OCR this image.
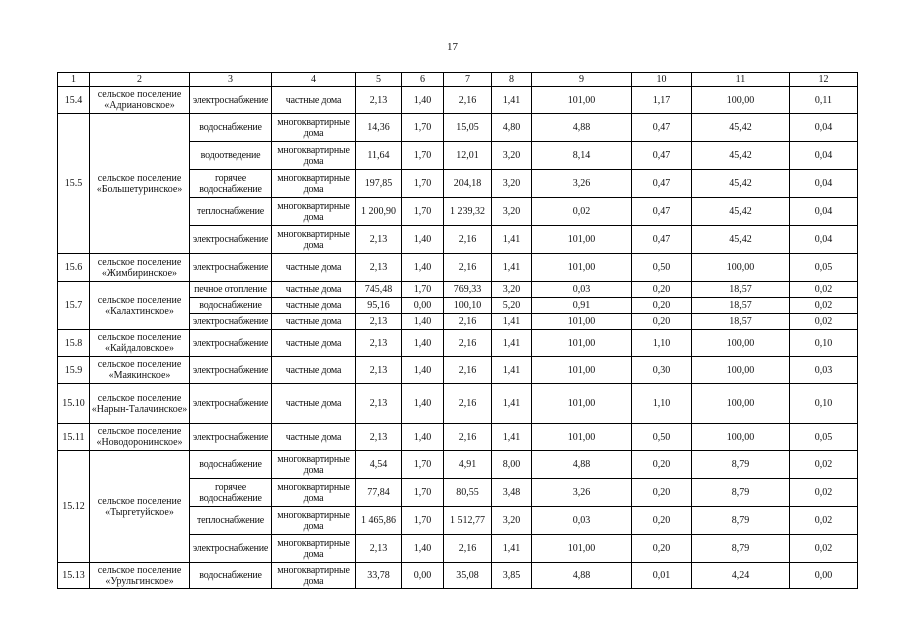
17
1	2	3	4	5	6	7	8	9	10	11	12
15.4	сельское поселение «Адриановское»	электроснабжение	частные дома	2,13	1,40	2,16	1,41	101,00	1,17	100,00	0,11
15.5	сельское поселение «Большетуринское»	водоснабжение	многоквартирные дома	14,36	1,70	15,05	4,80	4,88	0,47	45,42	0,04
		водоотведение	многоквартирные дома	11,64	1,70	12,01	3,20	8,14	0,47	45,42	0,04
		горячее водоснабжение	многоквартирные дома	197,85	1,70	204,18	3,20	3,26	0,47	45,42	0,04
		теплоснабжение	многоквартирные дома	1 200,90	1,70	1 239,32	3,20	0,02	0,47	45,42	0,04
		электроснабжение	многоквартирные дома	2,13	1,40	2,16	1,41	101,00	0,47	45,42	0,04
15.6	сельское поселение «Жимбиринское»	электроснабжение	частные дома	2,13	1,40	2,16	1,41	101,00	0,50	100,00	0,05
15.7	сельское поселение «Калахтинское»	печное отопление	частные дома	745,48	1,70	769,33	3,20	0,03	0,20	18,57	0,02
		водоснабжение	частные дома	95,16	0,00	100,10	5,20	0,91	0,20	18,57	0,02
		электроснабжение	частные дома	2,13	1,40	2,16	1,41	101,00	0,20	18,57	0,02
15.8	сельское поселение «Кайдаловское»	электроснабжение	частные дома	2,13	1,40	2,16	1,41	101,00	1,10	100,00	0,10
15.9	сельское поселение «Маякинское»	электроснабжение	частные дома	2,13	1,40	2,16	1,41	101,00	0,30	100,00	0,03
15.10	сельское поселение «Нарын-Талачинское»	электроснабжение	частные дома	2,13	1,40	2,16	1,41	101,00	1,10	100,00	0,10
15.11	сельское поселение «Новодоронинское»	электроснабжение	частные дома	2,13	1,40	2,16	1,41	101,00	0,50	100,00	0,05
15.12	сельское поселение «Тыргетуйское»	водоснабжение	многоквартирные дома	4,54	1,70	4,91	8,00	4,88	0,20	8,79	0,02
		горячее водоснабжение	многоквартирные дома	77,84	1,70	80,55	3,48	3,26	0,20	8,79	0,02
		теплоснабжение	многоквартирные дома	1 465,86	1,70	1 512,77	3,20	0,03	0,20	8,79	0,02
		электроснабжение	многоквартирные дома	2,13	1,40	2,16	1,41	101,00	0,20	8,79	0,02
15.13	сельское поселение «Урульгинское»	водоснабжение	многоквартирные дома	33,78	0,00	35,08	3,85	4,88	0,01	4,24	0,00
